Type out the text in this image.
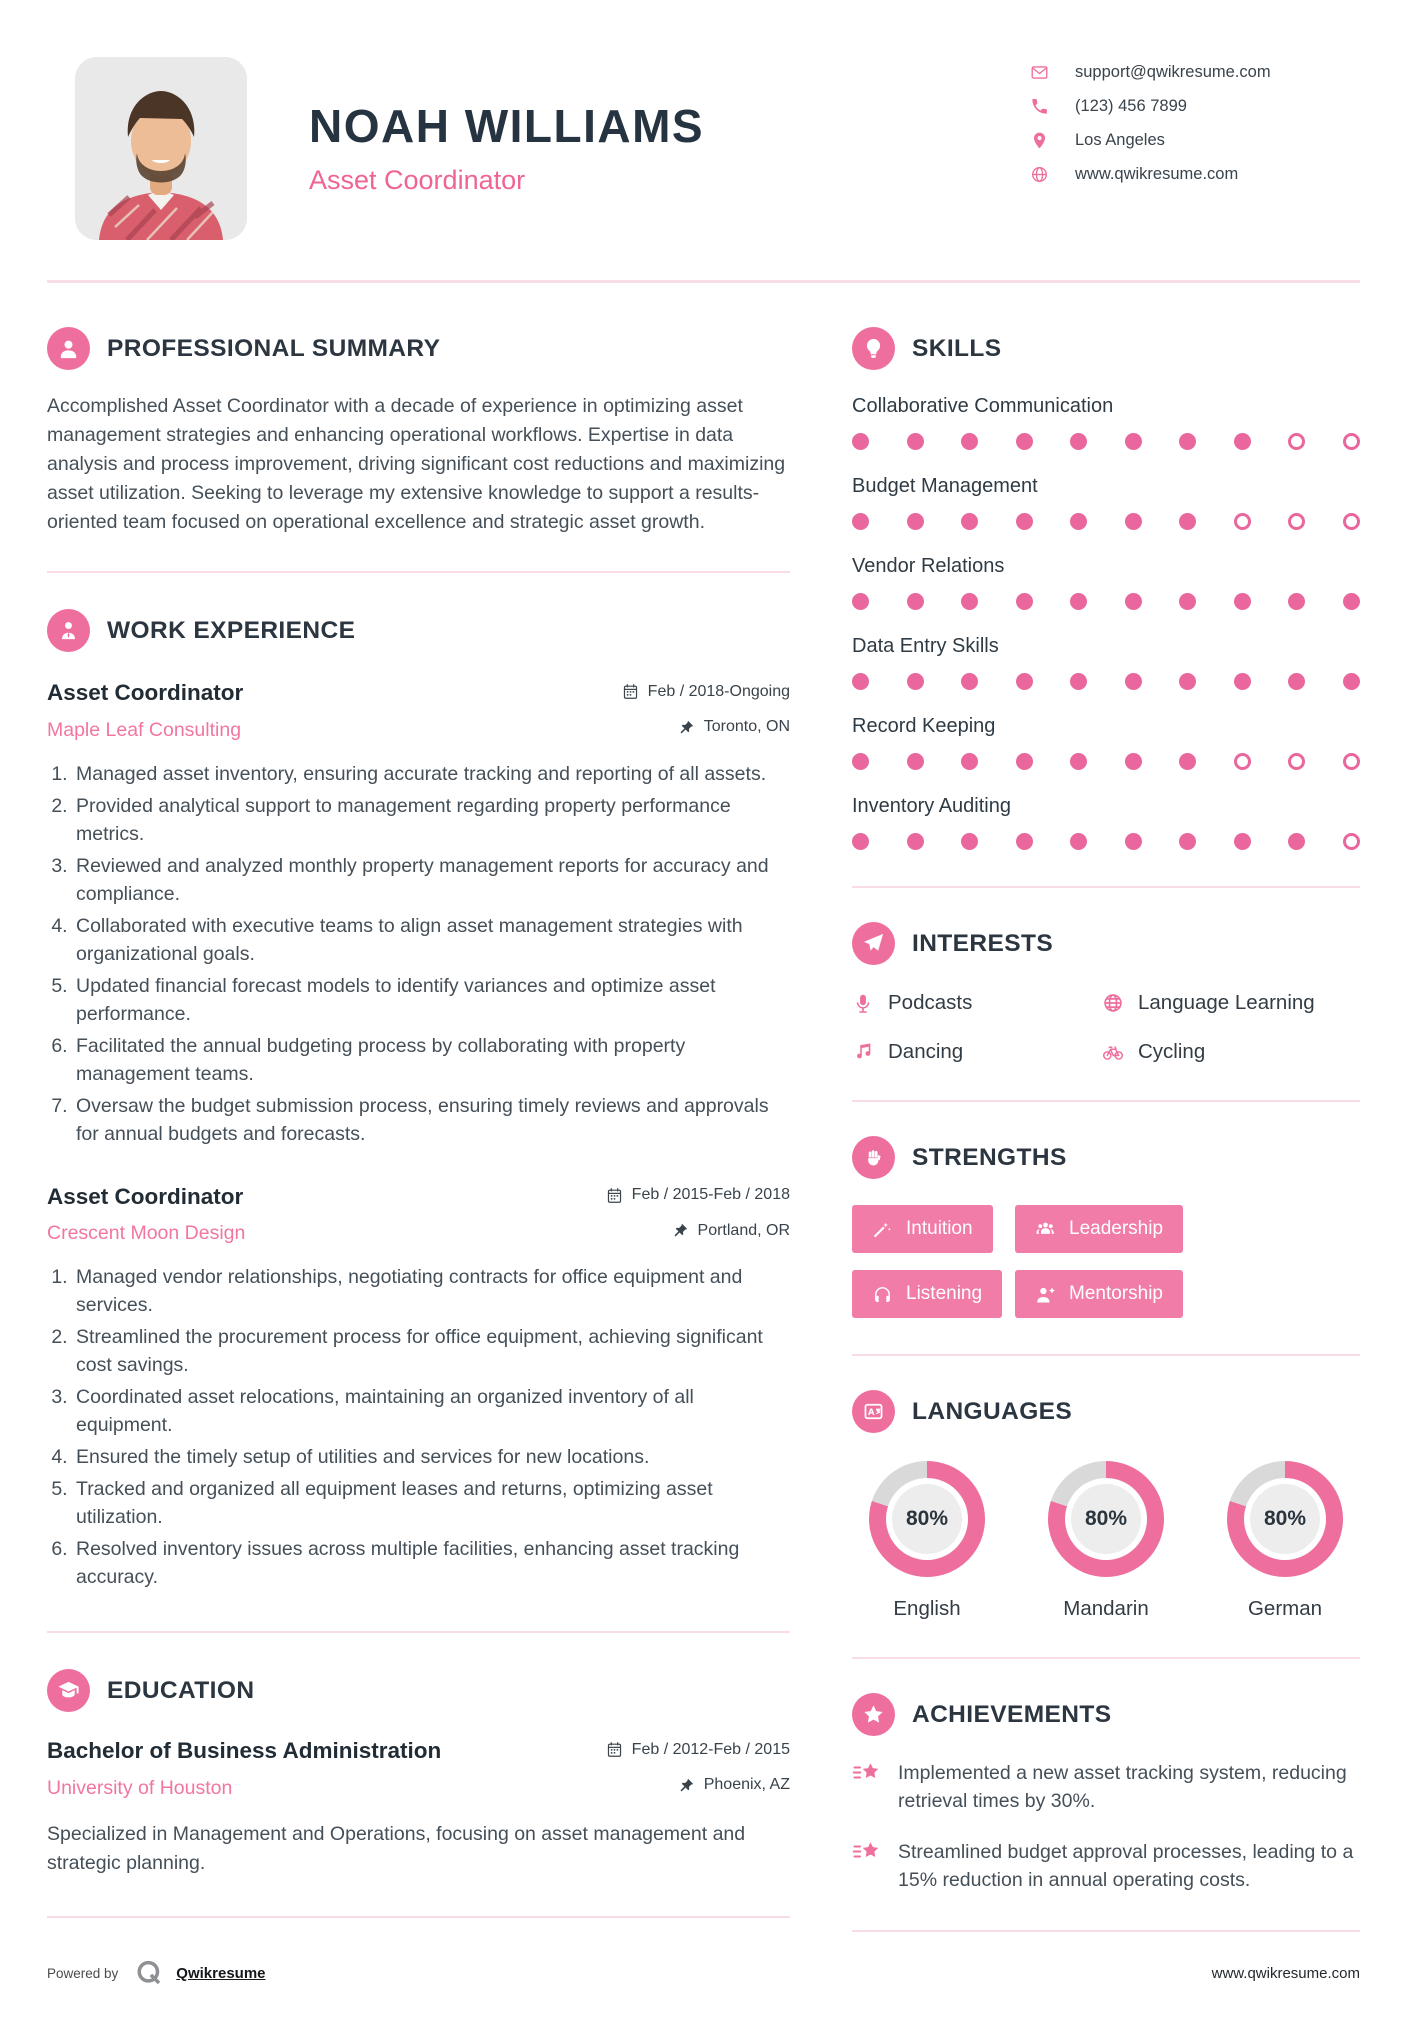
NOAH WILLIAMS
Asset Coordinator
support@qwikresume.com
(123) 456 7899
Los Angeles
www.qwikresume.com
PROFESSIONAL SUMMARY

Accomplished Asset Coordinator with a decade of experience in optimizing asset management strategies and enhancing operational workflows. Expertise in data analysis and process improvement, driving significant cost reductions and maximizing asset utilization. Seeking to leverage my extensive knowledge to support a results-oriented team focused on operational excellence and strategic asset growth.

WORK EXPERIENCE
Asset Coordinator	Feb / 2018-Ongoing
Maple Leaf Consulting	Toronto, ON
1. Managed asset inventory, ensuring accurate tracking and reporting of all assets.
2. Provided analytical support to management regarding property performance metrics.
3. Reviewed and analyzed monthly property management reports for accuracy and compliance.
4. Collaborated with executive teams to align asset management strategies with organizational goals.
5. Updated financial forecast models to identify variances and optimize asset performance.
6. Facilitated the annual budgeting process by collaborating with property management teams.
7. Oversaw the budget submission process, ensuring timely reviews and approvals for annual budgets and forecasts.
Asset Coordinator	Feb / 2015-Feb / 2018
Crescent Moon Design	Portland, OR
1. Managed vendor relationships, negotiating contracts for office equipment and services.
2. Streamlined the procurement process for office equipment, achieving significant cost savings.
3. Coordinated asset relocations, maintaining an organized inventory of all equipment.
4. Ensured the timely setup of utilities and services for new locations.
5. Tracked and organized all equipment leases and returns, optimizing asset utilization.
6. Resolved inventory issues across multiple facilities, enhancing asset tracking accuracy.
EDUCATION
Bachelor of Business Administration	Feb / 2012-Feb / 2015
University of Houston	Phoenix, AZ

Specialized in Management and Operations, focusing on asset management and strategic planning.

SKILLS
Collaborative Communication
Budget Management
Vendor Relations
Data Entry Skills
Record Keeping
Inventory Auditing
INTERESTS
Podcasts	Language Learning
Dancing	Cycling
STRENGTHS
Intuition	Leadership
Listening	Mentorship
LANGUAGES
80%
English
80%
Mandarin
80%
German
ACHIEVEMENTS

Implemented a new asset tracking system, reducing retrieval times by 30%.

Streamlined budget approval processes, leading to a 15% reduction in annual operating costs.

Powered by	Qwikresume	www.qwikresume.com
